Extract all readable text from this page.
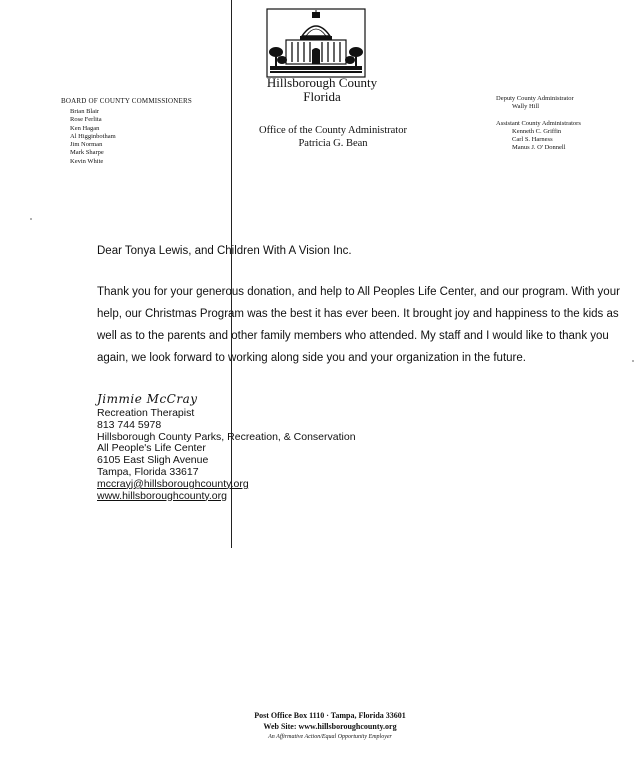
Hillsborough County
Florida
Office of the County Administrator
Patricia G. Bean
BOARD OF COUNTY COMMISSIONERS
Brian Blair
Rose Ferlita
Ken Hagan
Al Higginbotham
Jim Norman
Mark Sharpe
Kevin White
Deputy County Administrator
Wally Hill
Assistant County Administrators
Kenneth C. Griffin
Carl S. Harness
Manus J. O' Donnell
Dear Tonya Lewis, and Children With A Vision Inc.
Thank you for your generous donation, and help to All Peoples Life Center, and our program. With your
help, our Christmas Program was the best it has ever been. It brought joy and happiness to the kids as
well as to the parents and other family members who attended. My staff and I would like to thank you
again, we look forward to working along side you and your organization in the future.
Jimmie McCray
Recreation Therapist
813 744 5978
Hillsborough County Parks, Recreation, & Conservation
All People's Life Center
6105 East Sligh Avenue
Tampa, Florida 33617
mccrayj@hillsboroughcounty.org
www.hillsboroughcounty.org
Post Office Box 1110 · Tampa, Florida 33601
Web Site: www.hillsboroughcounty.org
An Affirmative Action/Equal Opportunity Employer
